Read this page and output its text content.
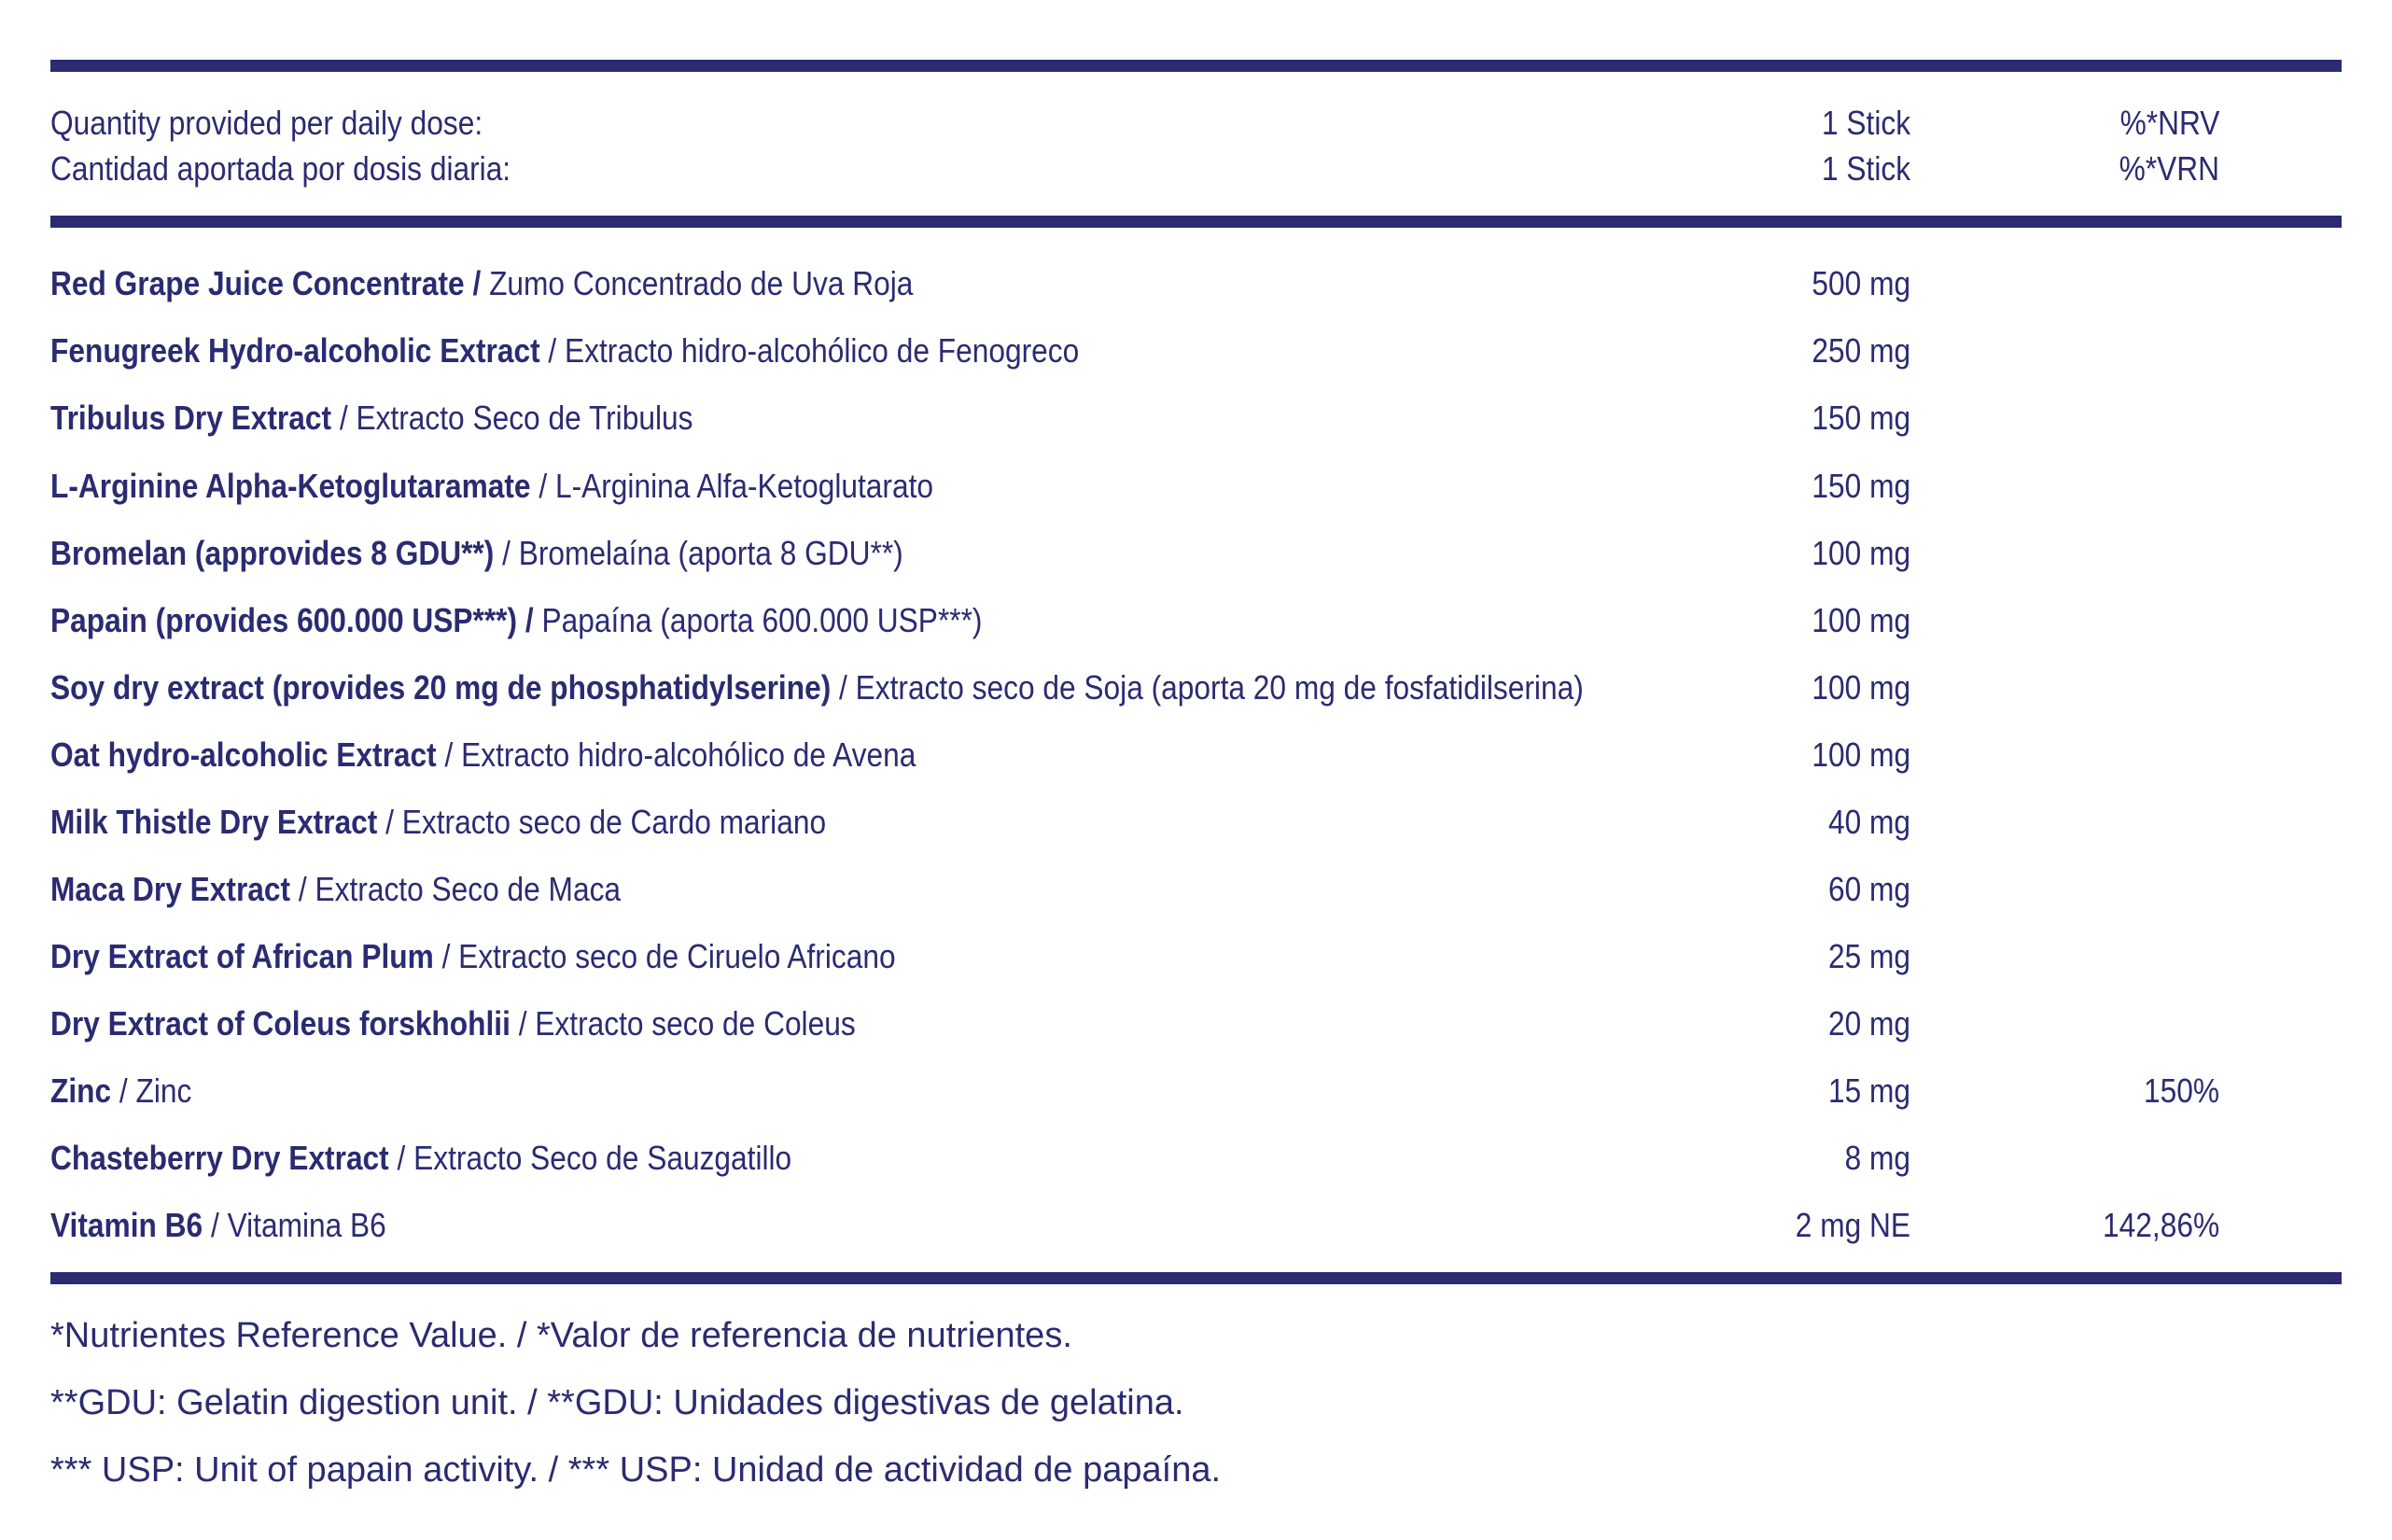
Quantity provided per daily dose:	1 Stick	%*NRV
Cantidad aportada por dosis diaria:	1 Stick	%*VRN
Red Grape Juice Concentrate / Zumo Concentrado de Uva Roja	500 mg
Fenugreek Hydro-alcoholic Extract / Extracto hidro-alcohólico de Fenogreco	250 mg
Tribulus Dry Extract / Extracto Seco de Tribulus	150 mg
L-Arginine Alpha-Ketoglutaramate / L-Arginina Alfa-Ketoglutarato	150 mg
Bromelan (approvides 8 GDU**) / Bromelaína (aporta 8 GDU**)	100 mg
Papain (provides 600.000 USP***) / Papaína (aporta 600.000 USP***)	100 mg
Soy dry extract (provides 20 mg de phosphatidylserine) / Extracto seco de Soja (aporta 20 mg de fosfatidilserina)	100 mg
Oat hydro-alcoholic Extract / Extracto hidro-alcohólico de Avena	100 mg
Milk Thistle Dry Extract / Extracto seco de Cardo mariano	40 mg
Maca Dry Extract / Extracto Seco de Maca	60 mg
Dry Extract of African Plum / Extracto seco de Ciruelo Africano	25 mg
Dry Extract of Coleus forskhohlii / Extracto seco de Coleus	20 mg
Zinc / Zinc	15 mg	150%
Chasteberry Dry Extract / Extracto Seco de Sauzgatillo	8 mg
Vitamin B6 / Vitamina B6	2 mg NE	142,86%
*Nutrientes Reference Value. / *Valor de referencia de nutrientes.
**GDU: Gelatin digestion unit. / **GDU: Unidades digestivas de gelatina.
*** USP: Unit of papain activity. / *** USP: Unidad de actividad de papaína.
